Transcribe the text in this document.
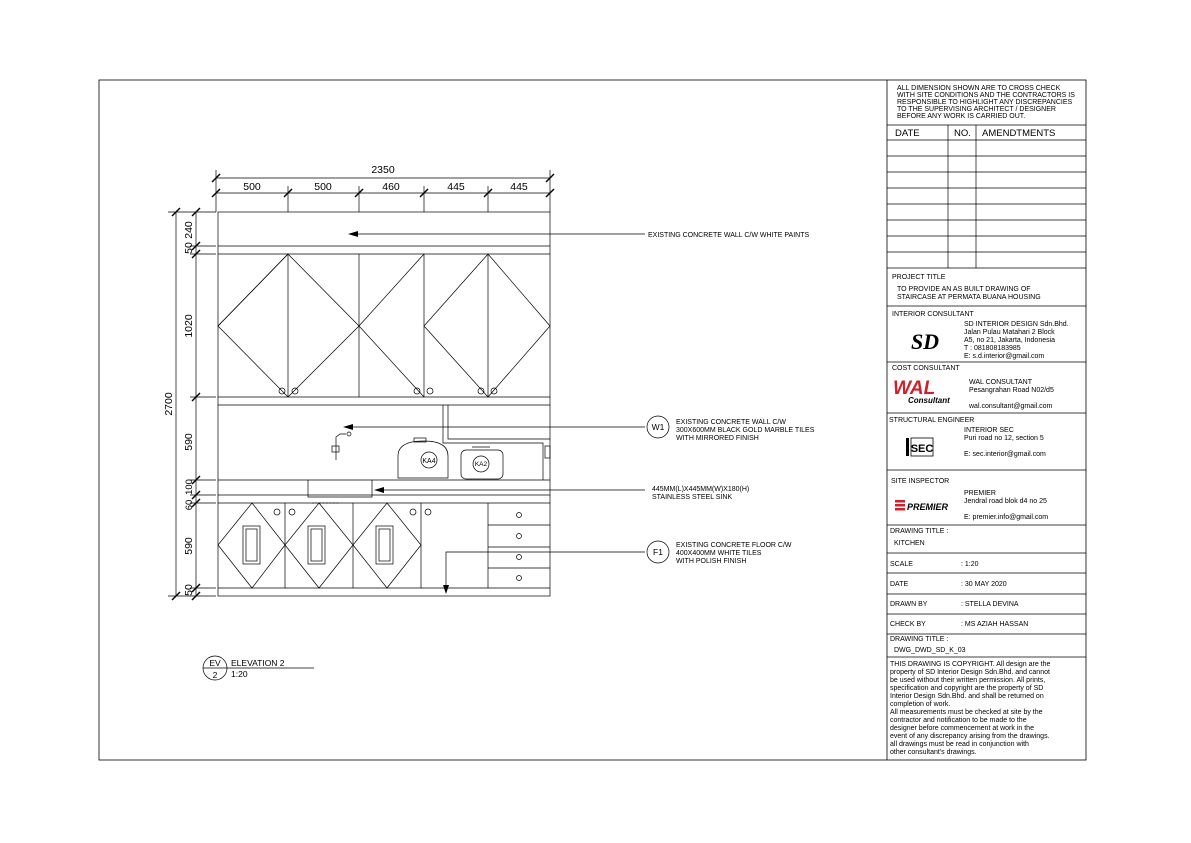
2350
500	500	460	445	445
2700
50
240
1020
590
100
60
590
50
KA4	KA2
EXISTING CONCRETE WALL C/W WHITE PAINTS
W1 EXISTING CONCRETE WALL C/W
300X600MM BLACK GOLD MARBLE TILES
WITH MIRRORED FINISH
445MM(L)X445MM(W)X180(H)
STAINLESS STEEL SINK
F1
EXISTING CONCRETE FLOOR C/W
400X400MM WHITE TILES
WITH POLISH FINISH
EV
2
ELEVATION 2
1:20
ALL DIMENSION SHOWN ARE TO CROSS CHECK
WITH SITE CONDITIONS AND THE CONTRACTORS IS
RESPONSIBLE TO HIGHLIGHT ANY DISCREPANCIES
TO THE SUPERVISING ARCHITECT / DESIGNER
BEFORE ANY WORK IS CARRIED OUT.
DATE	NO. AMENDTMENTS
PROJECT TITLE
TO PROVIDE AN AS BUILT DRAWING OF
STAIRCASE AT PERMATA BUANA HOUSING
INTERIOR CONSULTANT
SD
SD INTERIOR DESIGN Sdn.Bhd.
Jalan Pulau Matahari 2 Block
A5, no 21, Jakarta, Indonesia
T : 081808183985
E: s.d.interior@gmail.com
COST CONSULTANT
WAL
Consultant
WAL CONSULTANT
Pesangrahan Road N02/d5
wal.consultant@gmail.com
STRUCTURAL ENGINEER
SEC
INTERIOR SEC
Puri road no 12, section 5
E: sec.interior@gmail.com
SITE INSPECTOR
PREMIER
PREMIER
Jendral road blok d4 no 25
E: premier.info@gmail.com
DRAWING TITLE :
KITCHEN
SCALE	: 1:20
DATE	: 30 MAY 2020
DRAWN BY	: STELLA DEVINA
CHECK BY	: MS AZIAH HASSAN
DRAWING TITLE :
DWG_DWD_SD_K_03
THIS DRAWING IS COPYRIGHT. All design are the
property of SD Interior Design Sdn.Bhd. and cannot
be used without their written permission. All prints,
specification and copyright are the property of SD
Interior Design Sdn.Bhd. and shall be returned on
completion of work.
All measurements must be checked at site by the
contractor and notification to be made to the
designer before commencement at work in the
event of any discrepancy arising from the drawings.
all drawings must be read in conjunction with
other consultant's drawings.
